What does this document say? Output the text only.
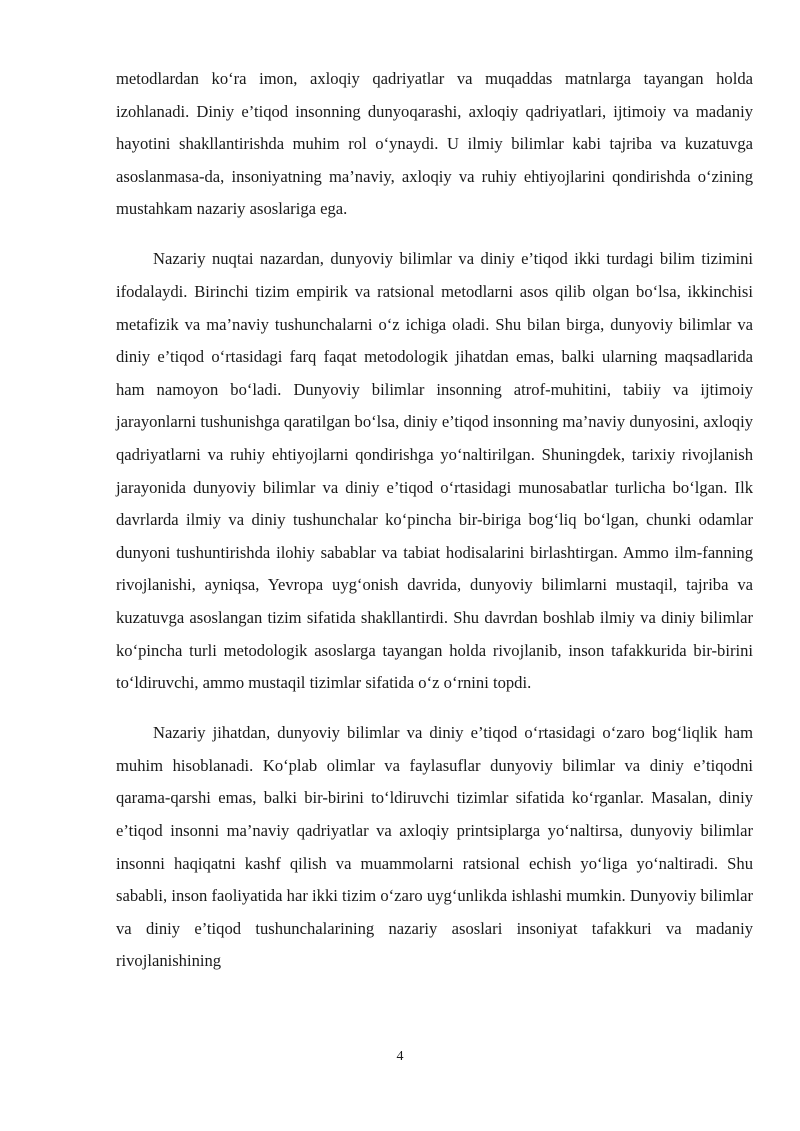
metodlardan ko‘ra imon, axloqiy qadriyatlar va muqaddas matnlarga tayangan holda izohlanadi. Diniy e’tiqod insonning dunyoqarashi, axloqiy qadriyatlari, ijtimoiy va madaniy hayotini shakllantirishda muhim rol o‘ynaydi. U ilmiy bilimlar kabi tajriba va kuzatuvga asoslanmasa-da, insoniyatning ma’naviy, axloqiy va ruhiy ehtiyojlarini qondirishda o‘zining mustahkam nazariy asoslariga ega.

Nazariy nuqtai nazardan, dunyoviy bilimlar va diniy e’tiqod ikki turdagi bilim tizimini ifodalaydi. Birinchi tizim empirik va ratsional metodlarni asos qilib olgan bo‘lsa, ikkinchisi metafizik va ma’naviy tushunchalarni o‘z ichiga oladi. Shu bilan birga, dunyoviy bilimlar va diniy e’tiqod o‘rtasidagi farq faqat metodologik jihatdan emas, balki ularning maqsadlarida ham namoyon bo‘ladi. Dunyoviy bilimlar insonning atrof-muhitini, tabiiy va ijtimoiy jarayonlarni tushunishga qaratilgan bo‘lsa, diniy e’tiqod insonning ma’naviy dunyosini, axloqiy qadriyatlarni va ruhiy ehtiyojlarni qondirishga yo‘naltirilgan. Shuningdek, tarixiy rivojlanish jarayonida dunyoviy bilimlar va diniy e’tiqod o‘rtasidagi munosabatlar turlicha bo‘lgan. Ilk davrlarda ilmiy va diniy tushunchalar ko‘pincha bir-biriga bog‘liq bo‘lgan, chunki odamlar dunyoni tushuntirishda ilohiy sabablar va tabiat hodisalarini birlashtirgan. Ammo ilm-fanning rivojlanishi, ayniqsa, Yevropa uyg‘onish davrida, dunyoviy bilimlarni mustaqil, tajriba va kuzatuvga asoslangan tizim sifatida shakllantirdi. Shu davrdan boshlab ilmiy va diniy bilimlar ko‘pincha turli metodologik asoslarga tayangan holda rivojlanib, inson tafakkurida bir-birini to‘ldiruvchi, ammo mustaqil tizimlar sifatida o‘z o‘rnini topdi.

Nazariy jihatdan, dunyoviy bilimlar va diniy e’tiqod o‘rtasidagi o‘zaro bog‘liqlik ham muhim hisoblanadi. Ko‘plab olimlar va faylasuflar dunyoviy bilimlar va diniy e’tiqodni qarama-qarshi emas, balki bir-birini to‘ldiruvchi tizimlar sifatida ko‘rganlar. Masalan, diniy e’tiqod insonni ma’naviy qadriyatlar va axloqiy printsiplarga yo‘naltirsa, dunyoviy bilimlar insonni haqiqatni kashf qilish va muammolarni ratsional echish yo‘liga yo‘naltiradi. Shu sababli, inson faoliyatida har ikki tizim o‘zaro uyg‘unlikda ishlashi mumkin. Dunyoviy bilimlar va diniy e’tiqod tushunchalarining nazariy asoslari insoniyat tafakkuri va madaniy rivojlanishining

4
